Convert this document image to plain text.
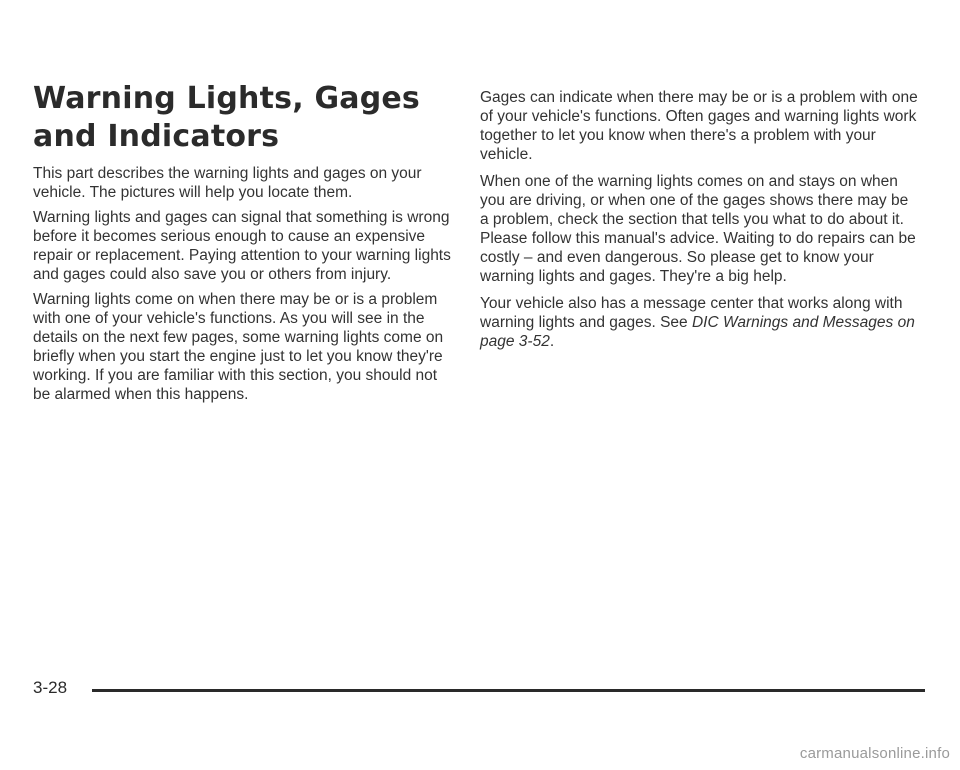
Warning Lights, Gages and Indicators

This part describes the warning lights and gages on your vehicle. The pictures will help you locate them.

Warning lights and gages can signal that something is wrong before it becomes serious enough to cause an expensive repair or replacement. Paying attention to your warning lights and gages could also save you or others from injury.

Warning lights come on when there may be or is a problem with one of your vehicle's functions. As you will see in the details on the next few pages, some warning lights come on briefly when you start the engine just to let you know they're working. If you are familiar with this section, you should not be alarmed when this happens.

Gages can indicate when there may be or is a problem with one of your vehicle's functions. Often gages and warning lights work together to let you know when there's a problem with your vehicle.

When one of the warning lights comes on and stays on when you are driving, or when one of the gages shows there may be a problem, check the section that tells you what to do about it. Please follow this manual's advice. Waiting to do repairs can be costly – and even dangerous. So please get to know your warning lights and gages. They're a big help.

Your vehicle also has a message center that works along with warning lights and gages. See DIC Warnings and Messages on page 3-52.

3-28
carmanualsonline.info
